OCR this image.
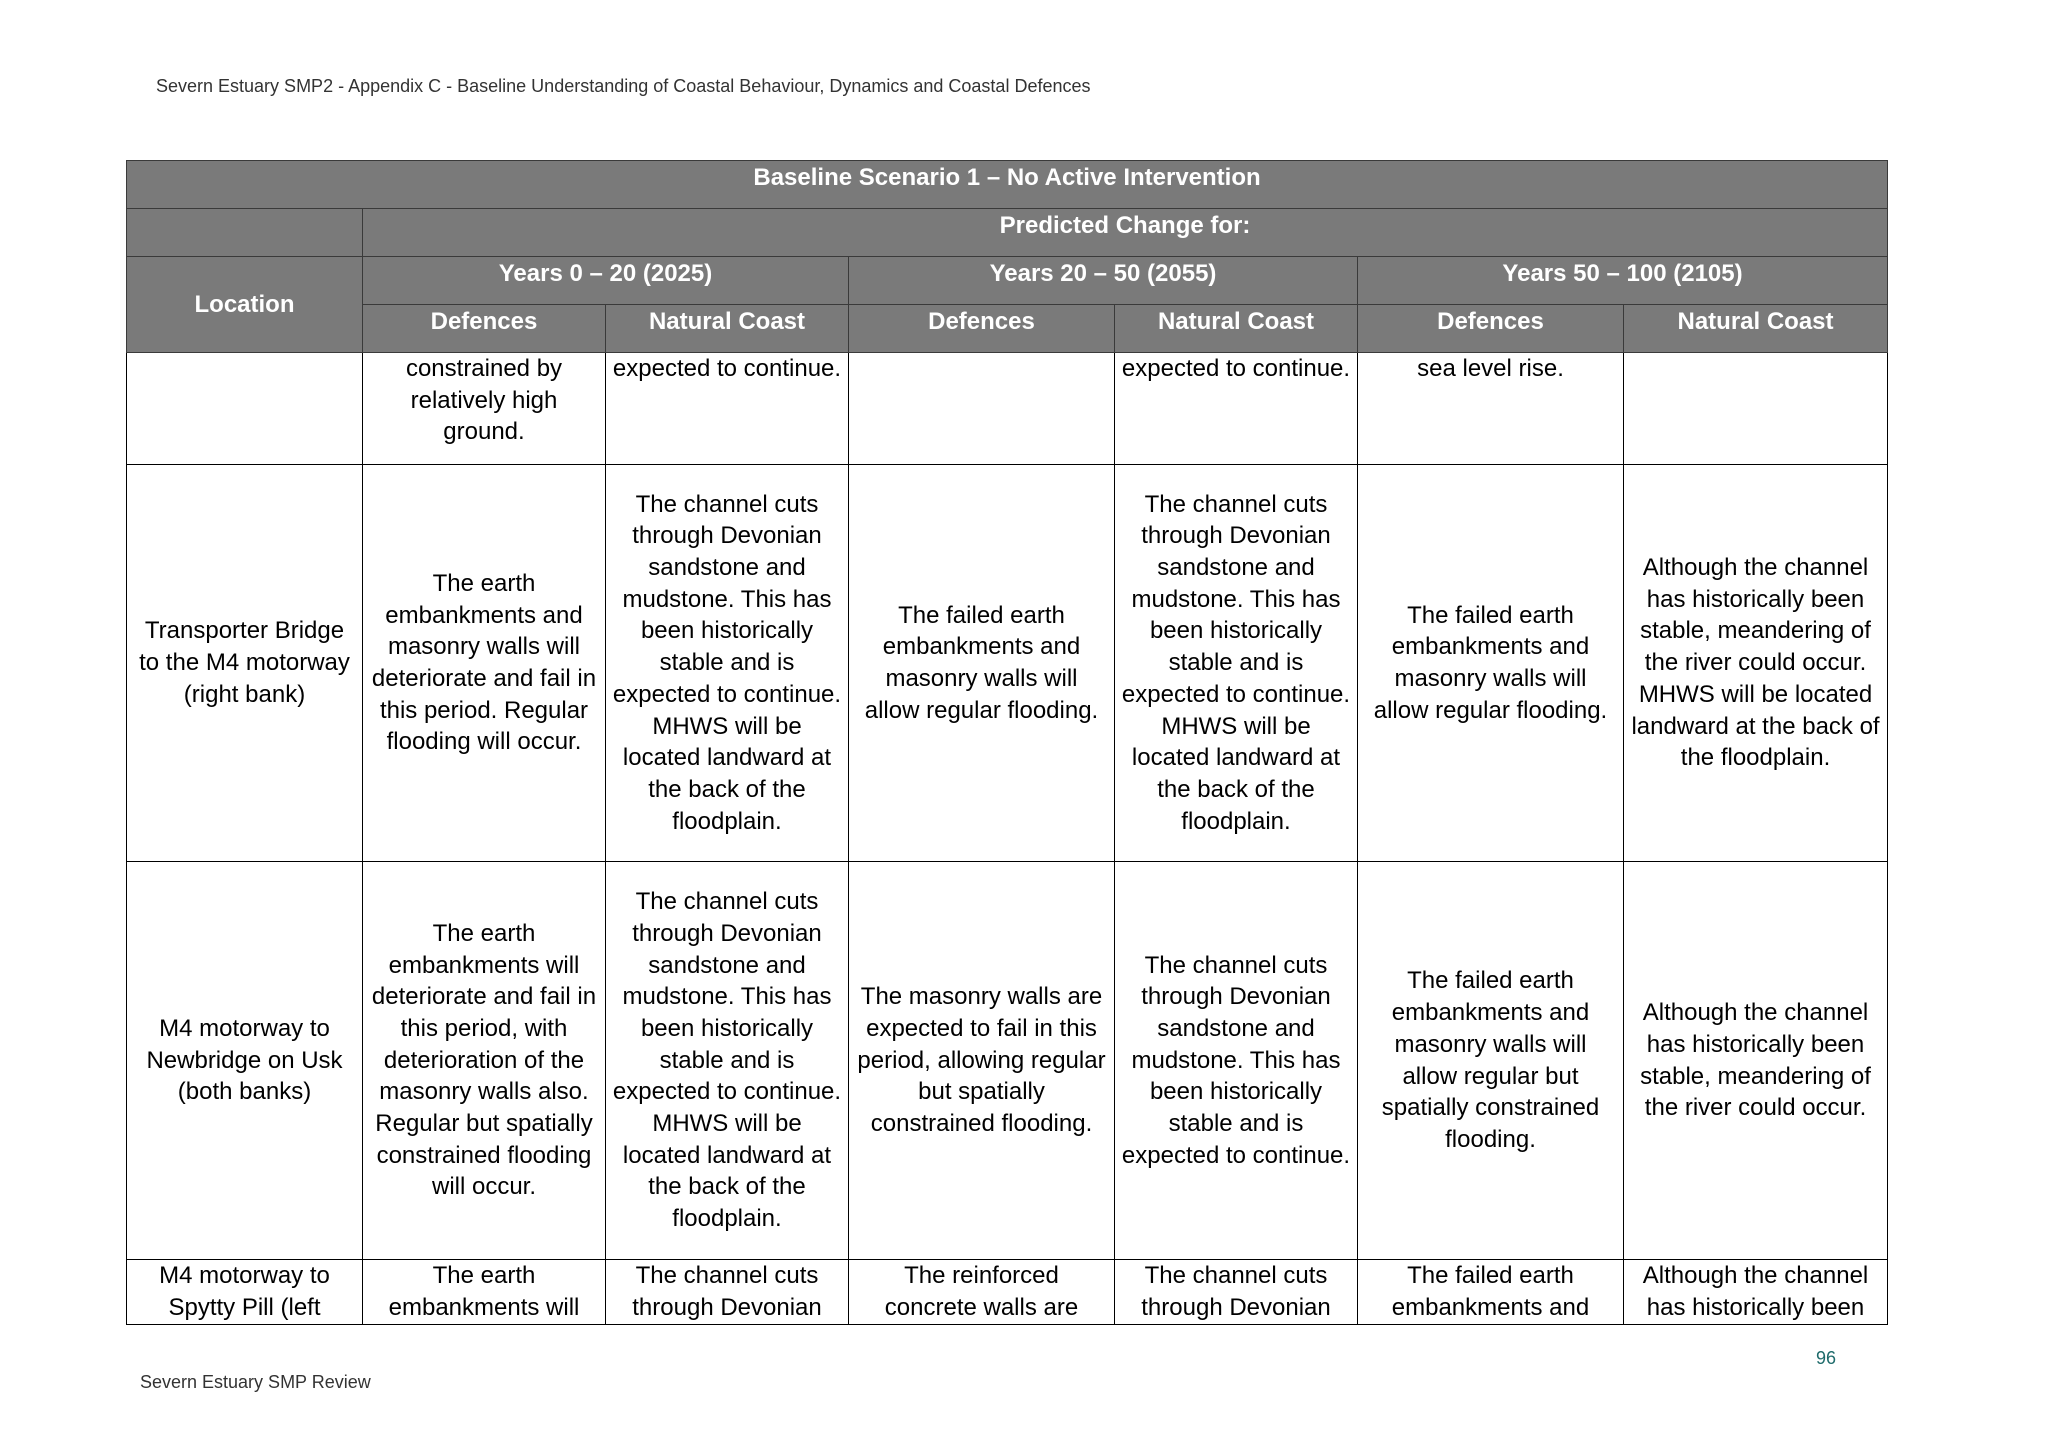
Severn Estuary SMP2 - Appendix C - Baseline Understanding of Coastal Behaviour, Dynamics and Coastal Defences
Baseline Scenario 1 – No Active Intervention						
	Predicted Change for:					
Location	Years 0 – 20 (2025)		Years 20 – 50 (2055)		Years 50 – 100 (2105)	
	Defences	Natural Coast	Defences	Natural Coast	Defences	Natural Coast
	constrained by relatively high ground.	expected to continue.		expected to continue.	sea level rise.	
Transporter Bridge to the M4 motorway (right bank)	The earth embankments and masonry walls will deteriorate and fail in this period. Regular flooding will occur.	The channel cuts through Devonian sandstone and mudstone. This has been historically stable and is expected to continue. MHWS will be located landward at the back of the floodplain.	The failed earth embankments and masonry walls will allow regular flooding.	The channel cuts through Devonian sandstone and mudstone. This has been historically stable and is expected to continue. MHWS will be located landward at the back of the floodplain.	The failed earth embankments and masonry walls will allow regular flooding.	Although the channel has historically been stable, meandering of the river could occur. MHWS will be located landward at the back of the floodplain.
M4 motorway to Newbridge on Usk (both banks)	The earth embankments will deteriorate and fail in this period, with deterioration of the masonry walls also. Regular but spatially constrained flooding will occur.	The channel cuts through Devonian sandstone and mudstone. This has been historically stable and is expected to continue. MHWS will be located landward at the back of the floodplain.	The masonry walls are expected to fail in this period, allowing regular but spatially constrained flooding.	The channel cuts through Devonian sandstone and mudstone. This has been historically stable and is expected to continue.	The failed earth embankments and masonry walls will allow regular but spatially constrained flooding.	Although the channel has historically been stable, meandering of the river could occur.
M4 motorway to Spytty Pill (left	The earth embankments will	The channel cuts through Devonian	The reinforced concrete walls are	The channel cuts through Devonian	The failed earth embankments and	Although the channel has historically been
96
Severn Estuary SMP Review
